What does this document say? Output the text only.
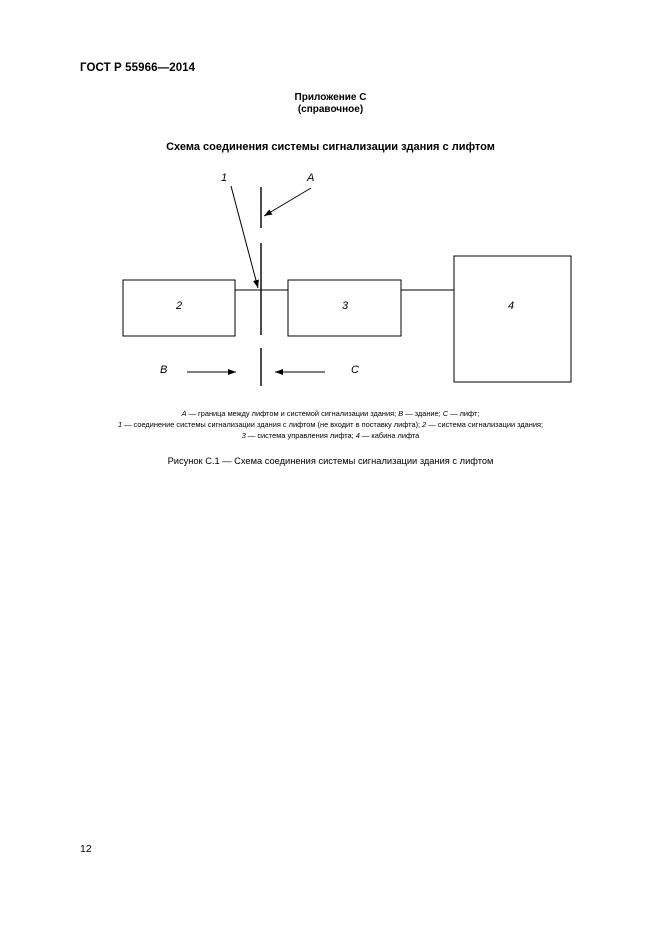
ГОСТ Р 55966—2014
Приложение С
(справочное)
Схема соединения системы сигнализации здания с лифтом
1	A
2	3	4
B	C
A — граница между лифтом и системой сигнализации здания; B — здание; C — лифт;
1 — соединение системы сигнализации здания с лифтом (не входит в поставку лифта); 2 — система сигнализации здания;
3 — система управления лифта; 4 — кабина лифта
Рисунок С.1 — Схема соединения системы сигнализации здания с лифтом
12
